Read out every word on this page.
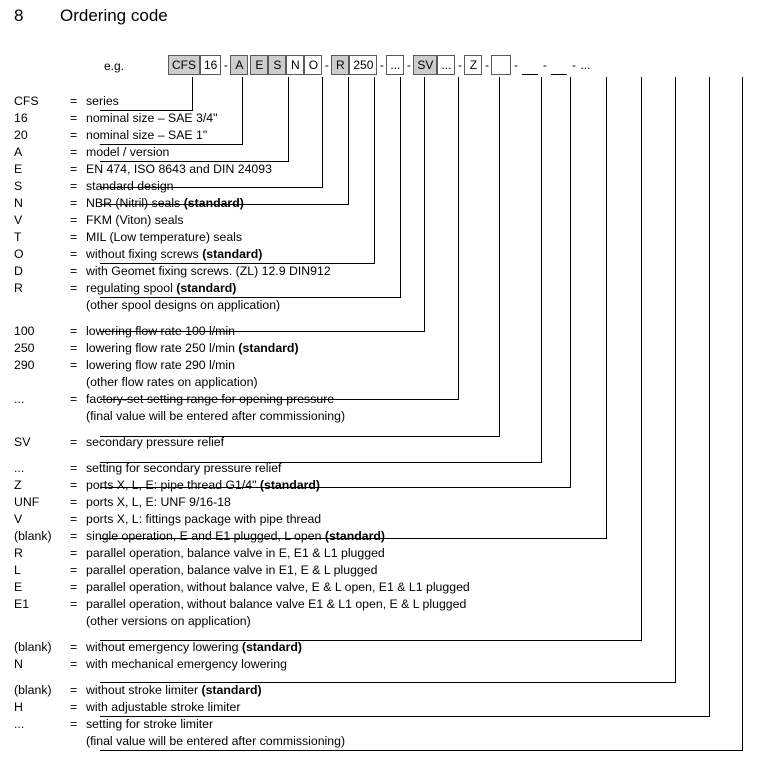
8 Ordering code
e.g.	CFS 16 - A E S N O - R 250 - ... - SV ... - Z - - - - ...
CFS	= series
16	= nominal size – SAE 3/4"
20	= nominal size – SAE 1"
A	= model / version
E	= EN 474, ISO 8643 and DIN 24093
S	= standard design
N	= NBR (Nitril) seals (standard)
V	= FKM (Viton) seals
T	= MIL (Low temperature) seals
O	= without fixing screws (standard)
D	= with Geomet fixing screws. (ZL) 12.9 DIN912
R	= regulating spool (standard)
(other spool designs on application)
100	= lowering flow rate 100 l/min
250	= lowering flow rate 250 l/min (standard)
290	= lowering flow rate 290 l/min
(other flow rates on application)
...	= factory-set setting range for opening pressure
(final value will be entered after commissioning)
SV	= secondary pressure relief
...	= setting for secondary pressure relief
Z	= ports X, L, E: pipe thread G1/4" (standard)
UNF	= ports X, L, E: UNF 9/16-18
V	= ports X, L: fittings package with pipe thread
(blank)	= single operation, E and E1 plugged, L open (standard)
R	= parallel operation, balance valve in E, E1 & L1 plugged
L	= parallel operation, balance valve in E1, E & L plugged
E	= parallel operation, without balance valve, E & L open, E1 & L1 plugged
E1	= parallel operation, without balance valve E1 & L1 open, E & L plugged
(other versions on application)
(blank)	= without emergency lowering (standard)
N	= with mechanical emergency lowering
(blank)	= without stroke limiter (standard)
H	= with adjustable stroke limiter
...	= setting for stroke limiter
(final value will be entered after commissioning)
